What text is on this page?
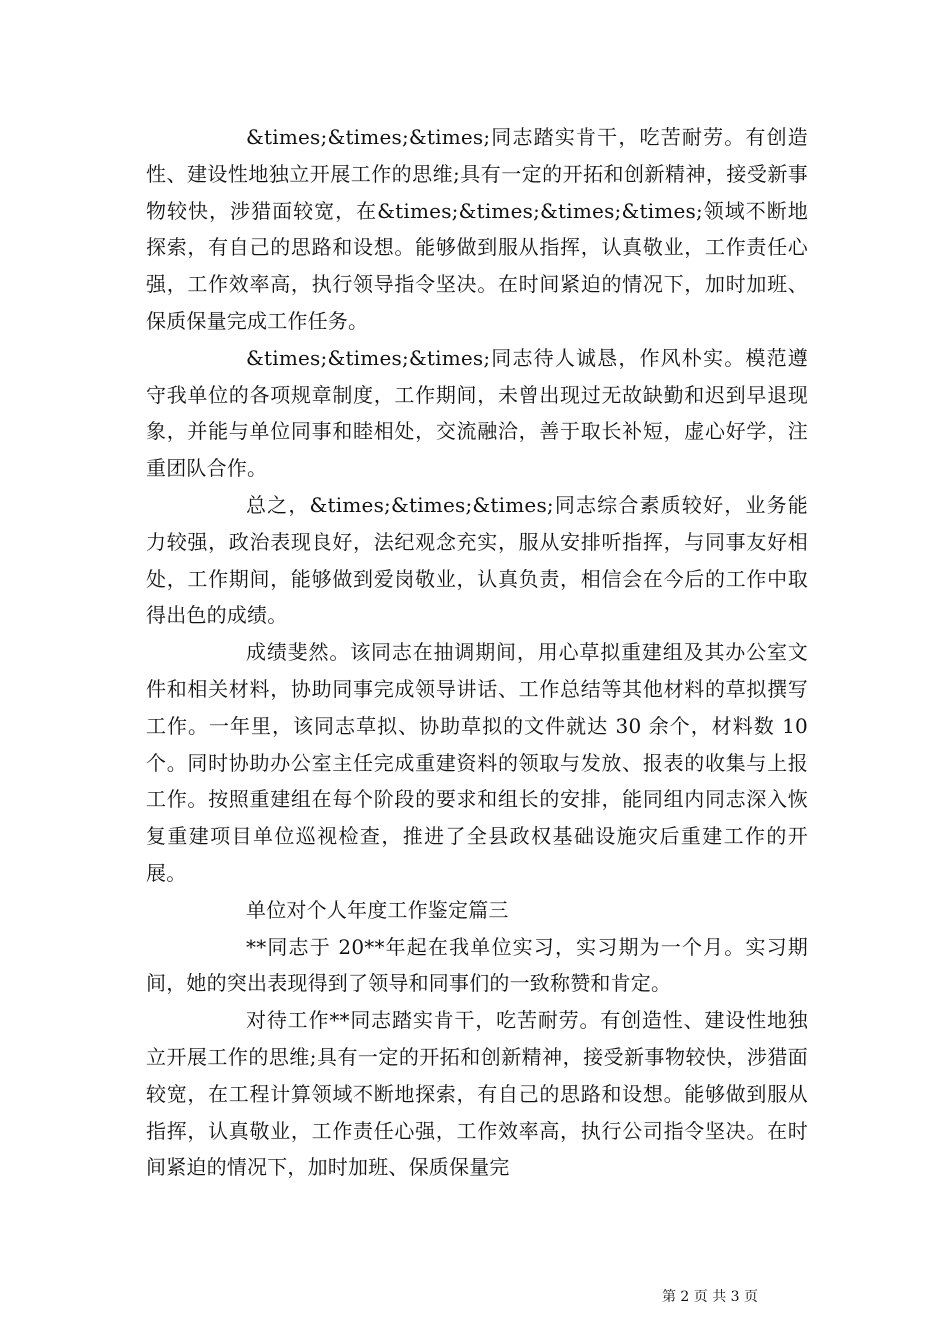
&times;&times;&times;同志踏实肯干，吃苦耐劳。有创造性、建设性地独立开展工作的思维;具有一定的开拓和创新精神，接受新事物较快，涉猎面较宽，在&times;&times;&times;&times;领域不断地探索，有自己的思路和设想。能够做到服从指挥，认真敬业，工作责任心强，工作效率高，执行领导指令坚决。在时间紧迫的情况下，加时加班、保质保量完成工作任务。

&times;&times;&times;同志待人诚恳，作风朴实。模范遵守我单位的各项规章制度，工作期间，未曾出现过无故缺勤和迟到早退现象，并能与单位同事和睦相处，交流融洽，善于取长补短，虚心好学，注重团队合作。

总之，&times;&times;&times;同志综合素质较好，业务能力较强，政治表现良好，法纪观念充实，服从安排听指挥，与同事友好相处，工作期间，能够做到爱岗敬业，认真负责，相信会在今后的工作中取得出色的成绩。

成绩斐然。该同志在抽调期间，用心草拟重建组及其办公室文件和相关材料，协助同事完成领导讲话、工作总结等其他材料的草拟撰写工作。一年里，该同志草拟、协助草拟的文件就达 30 余个，材料数 10 个。同时协助办公室主任完成重建资料的领取与发放、报表的收集与上报工作。按照重建组在每个阶段的要求和组长的安排，能同组内同志深入恢复重建项目单位巡视检查，推进了全县政权基础设施灾后重建工作的开展。

单位对个人年度工作鉴定篇三

**同志于 20**年起在我单位实习，实习期为一个月。实习期间，她的突出表现得到了领导和同事们的一致称赞和肯定。

对待工作**同志踏实肯干，吃苦耐劳。有创造性、建设性地独立开展工作的思维;具有一定的开拓和创新精神，接受新事物较快，涉猎面较宽，在工程计算领域不断地探索，有自己的思路和设想。能够做到服从指挥，认真敬业，工作责任心强，工作效率高，执行公司指令坚决。在时间紧迫的情况下，加时加班、保质保量完

第 2 页 共 3 页
